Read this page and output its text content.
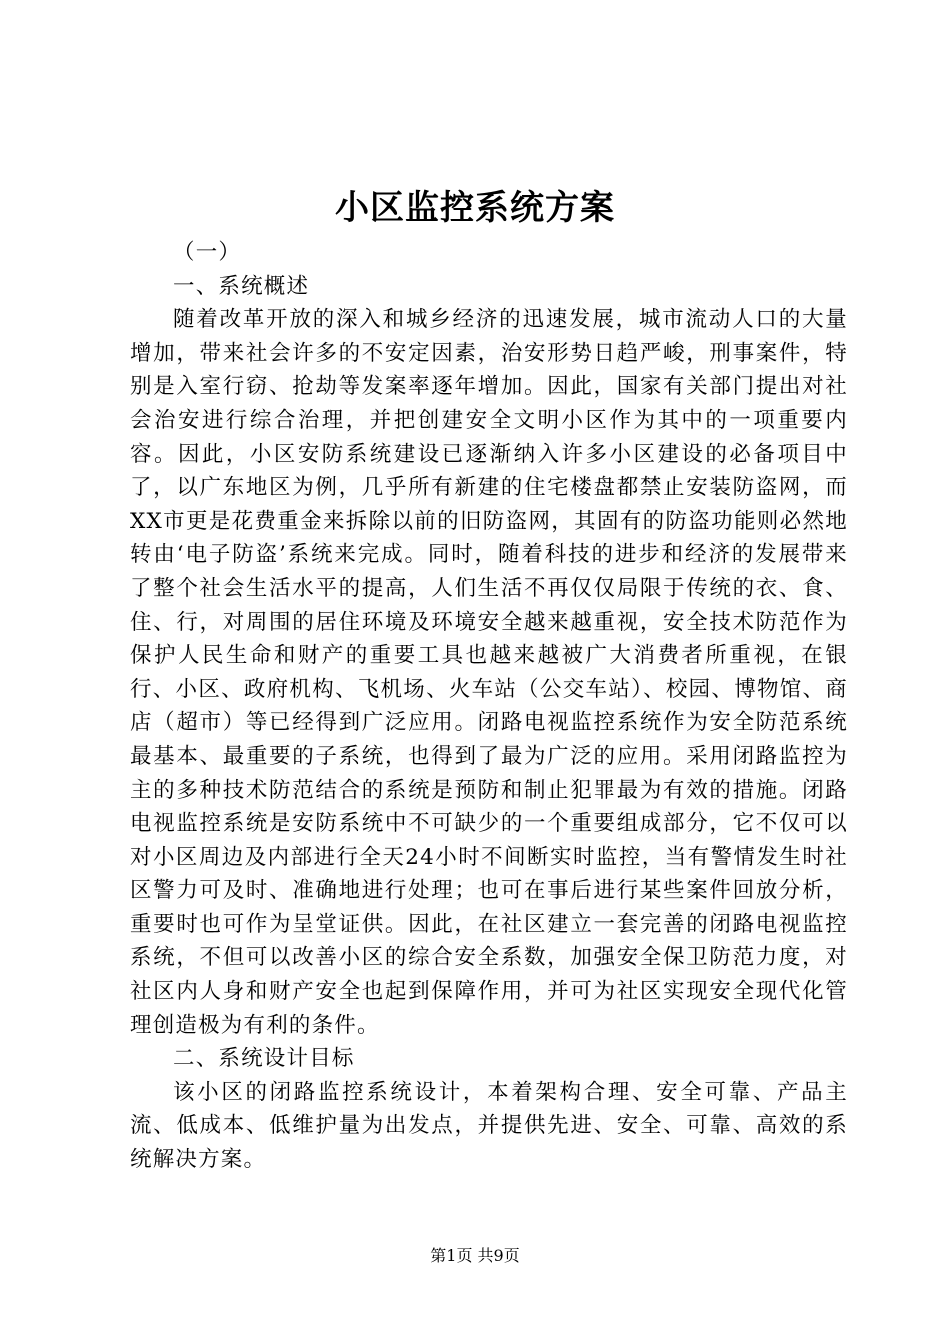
小区监控系统方案

（一）

一、系统概述

随着改革开放的深入和城乡经济的迅速发展，城市流动人口的大量增加，带来社会许多的不安定因素，治安形势日趋严峻，刑事案件，特别是入室行窃、抢劫等发案率逐年增加。因此，国家有关部门提出对社会治安进行综合治理，并把创建安全文明小区作为其中的一项重要内容。因此，小区安防系统建设已逐渐纳入许多小区建设的必备项目中了，以广东地区为例，几乎所有新建的住宅楼盘都禁止安装防盗网，而XX市更是花费重金来拆除以前的旧防盗网，其固有的防盗功能则必然地转由‘电子防盗’系统来完成。同时，随着科技的进步和经济的发展带来了整个社会生活水平的提高，人们生活不再仅仅局限于传统的衣、食、住、行，对周围的居住环境及环境安全越来越重视，安全技术防范作为保护人民生命和财产的重要工具也越来越被广大消费者所重视，在银行、小区、政府机构、飞机场、火车站（公交车站）、校园、博物馆、商店（超市）等已经得到广泛应用。闭路电视监控系统作为安全防范系统最基本、最重要的子系统，也得到了最为广泛的应用。采用闭路监控为主的多种技术防范结合的系统是预防和制止犯罪最为有效的措施。闭路电视监控系统是安防系统中不可缺少的一个重要组成部分，它不仅可以对小区周边及内部进行全天24小时不间断实时监控，当有警情发生时社区警力可及时、准确地进行处理；也可在事后进行某些案件回放分析，重要时也可作为呈堂证供。因此，在社区建立一套完善的闭路电视监控系统，不但可以改善小区的综合安全系数，加强安全保卫防范力度，对社区内人身和财产安全也起到保障作用，并可为社区实现安全现代化管理创造极为有利的条件。

二、系统设计目标

该小区的闭路监控系统设计，本着架构合理、安全可靠、产品主流、低成本、低维护量为出发点，并提供先进、安全、可靠、高效的系统解决方案。

第1页 共9页
